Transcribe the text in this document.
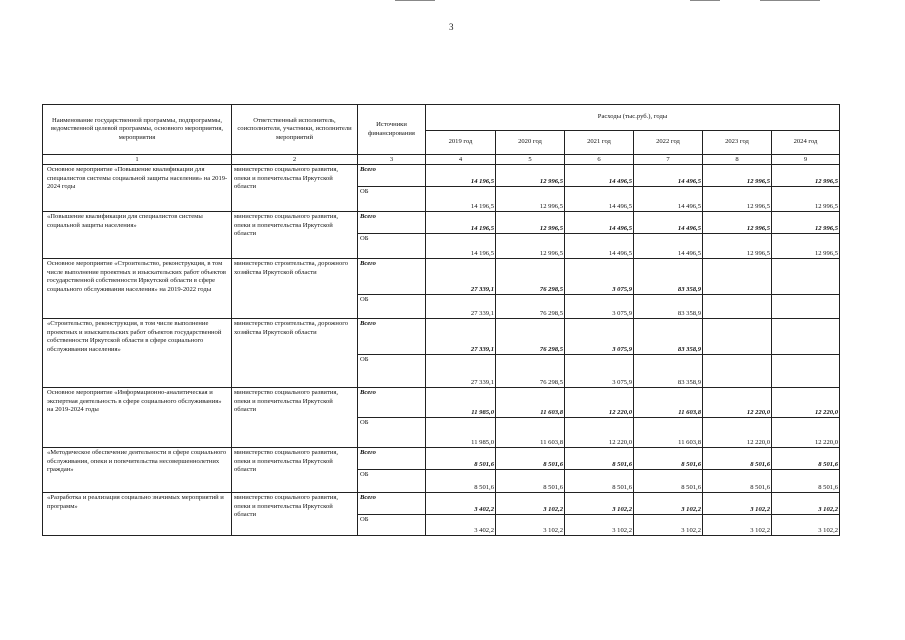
3
Наименование государственной программы, подпрограммы, ведомственной целевой программы, основного мероприятия, мероприятия	Ответственный исполнитель, соисполнители, участники, исполнители мероприятий	Источники финансирования	Расходы (тыс.руб.), годы					
			2019 год	2020 год	2021 год	2022 год	2023 год	2024 год
1	2	3	4	5	6	7	8	9
Основное мероприятие «Повышение квалификации для специалистов системы социальной защиты населения» на 2019-2024 годы	министерство социального развития, опеки и попечительства Иркутской области	Всего	14 196,5	12 996,5	14 496,5	14 496,5	12 996,5	12 996,5
		ОБ	14 196,5	12 996,5	14 496,5	14 496,5	12 996,5	12 996,5
«Повышение квалификации для специалистов системы социальной защиты населения»	министерство социального развития, опеки и попечительства Иркутской области	Всего	14 196,5	12 996,5	14 496,5	14 496,5	12 996,5	12 996,5
		ОБ	14 196,5	12 996,5	14 496,5	14 496,5	12 996,5	12 996,5
Основное мероприятие «Строительство, реконструкция, в том числе выполнение проектных и изыскательских работ объектов государственной собственности Иркутской области в сфере социального обслуживания населения» на 2019-2022 годы	министерство строительства, дорожного хозяйства Иркутской области	Всего	27 339,1	76 298,5	3 075,9	83 358,9		
		ОБ	27 339,1	76 298,5	3 075,9	83 358,9		
«Строительство, реконструкция, в том числе выполнение проектных и изыскательских работ объектов государственной собственности Иркутской области в сфере социального обслуживания населения»	министерство строительства, дорожного хозяйства Иркутской области	Всего	27 339,1	76 298,5	3 075,9	83 358,9		
		ОБ	27 339,1	76 298,5	3 075,9	83 358,9		
Основное мероприятие «Информационно-аналитическая и экспертная деятельность в сфере социального обслуживания» на 2019-2024 годы	министерство социального развития, опеки и попечительства Иркутской области	Всего	11 985,0	11 603,8	12 220,0	11 603,8	12 220,0	12 220,0
		ОБ	11 985,0	11 603,8	12 220,0	11 603,8	12 220,0	12 220,0
«Методическое обеспечение деятельности в сфере социального обслуживания, опеки и попечительства несовершеннолетних граждан»	министерство социального развития, опеки и попечительства Иркутской области	Всего	8 501,6	8 501,6	8 501,6	8 501,6	8 501,6	8 501,6
		ОБ	8 501,6	8 501,6	8 501,6	8 501,6	8 501,6	8 501,6
«Разработка и реализация социально значимых мероприятий и программ»	министерство социального развития, опеки и попечительства Иркутской области	Всего	3 402,2	3 102,2	3 102,2	3 102,2	3 102,2	3 102,2
		ОБ	3 402,2	3 102,2	3 102,2	3 102,2	3 102,2	3 102,2
